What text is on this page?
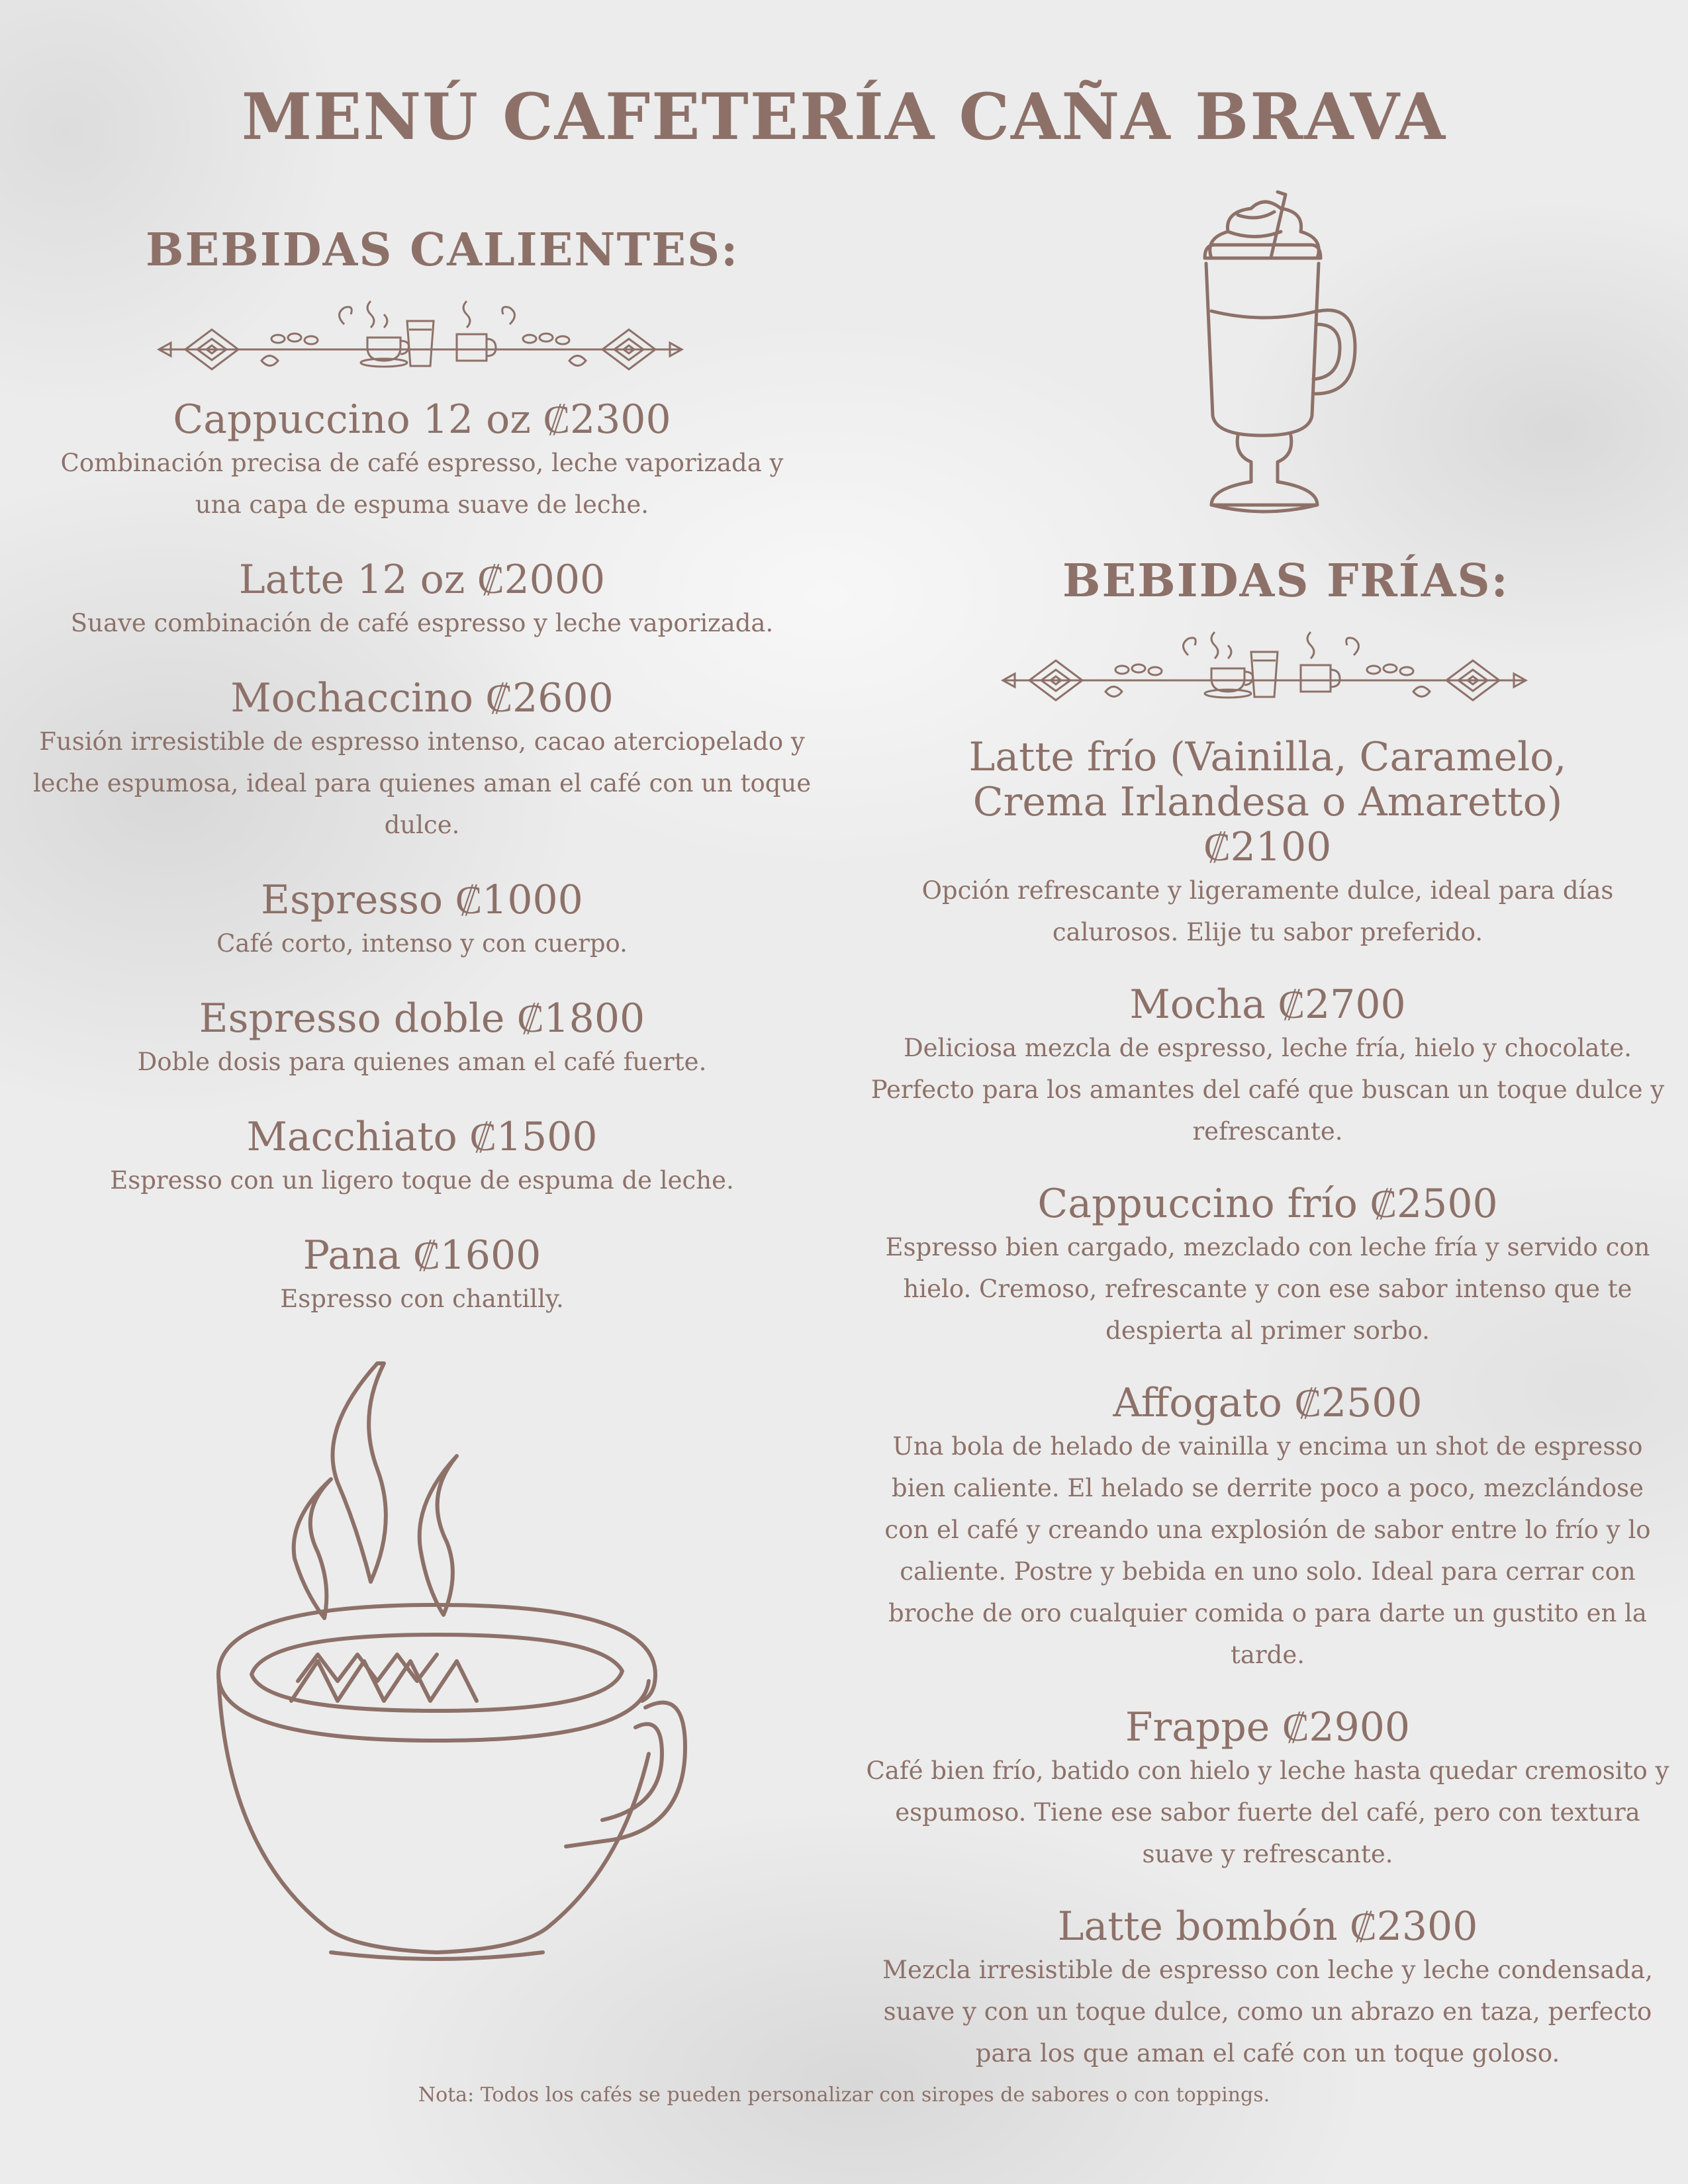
MENÚ CAFETERÍA CAÑA BRAVA
BEBIDAS CALIENTES:

Cappuccino 12 oz ₡2300

Combinación precisa de café espresso, leche vaporizada y una capa de espuma suave de leche.

Latte 12 oz ₡2000

Suave combinación de café espresso y leche vaporizada.

Mochaccino ₡2600

Fusión irresistible de espresso intenso, cacao aterciopelado y leche espumosa, ideal para quienes aman el café con un toque dulce.

Espresso ₡1000

Café corto, intenso y con cuerpo.

Espresso doble ₡1800

Doble dosis para quienes aman el café fuerte.

Macchiato ₡1500

Espresso con un ligero toque de espuma de leche.

Pana ₡1600

Espresso con chantilly.

BEBIDAS FRÍAS:

Latte frío (Vainilla, Caramelo, Crema Irlandesa o Amaretto) ₡2100

Opción refrescante y ligeramente dulce, ideal para días calurosos. Elije tu sabor preferido.

Mocha ₡2700

Deliciosa mezcla de espresso, leche fría, hielo y chocolate. Perfecto para los amantes del café que buscan un toque dulce y refrescante.

Cappuccino frío ₡2500

Espresso bien cargado, mezclado con leche fría y servido con hielo. Cremoso, refrescante y con ese sabor intenso que te despierta al primer sorbo.

Affogato ₡2500

Una bola de helado de vainilla y encima un shot de espresso bien caliente. El helado se derrite poco a poco, mezclándose con el café y creando una explosión de sabor entre lo frío y lo caliente. Postre y bebida en uno solo. Ideal para cerrar con broche de oro cualquier comida o para darte un gustito en la tarde.

Frappe ₡2900

Café bien frío, batido con hielo y leche hasta quedar cremosito y espumoso. Tiene ese sabor fuerte del café, pero con textura suave y refrescante.

Latte bombón ₡2300

Mezcla irresistible de espresso con leche y leche condensada, suave y con un toque dulce, como un abrazo en taza, perfecto para los que aman el café con un toque goloso.

Nota: Todos los cafés se pueden personalizar con siropes de sabores o con toppings.
